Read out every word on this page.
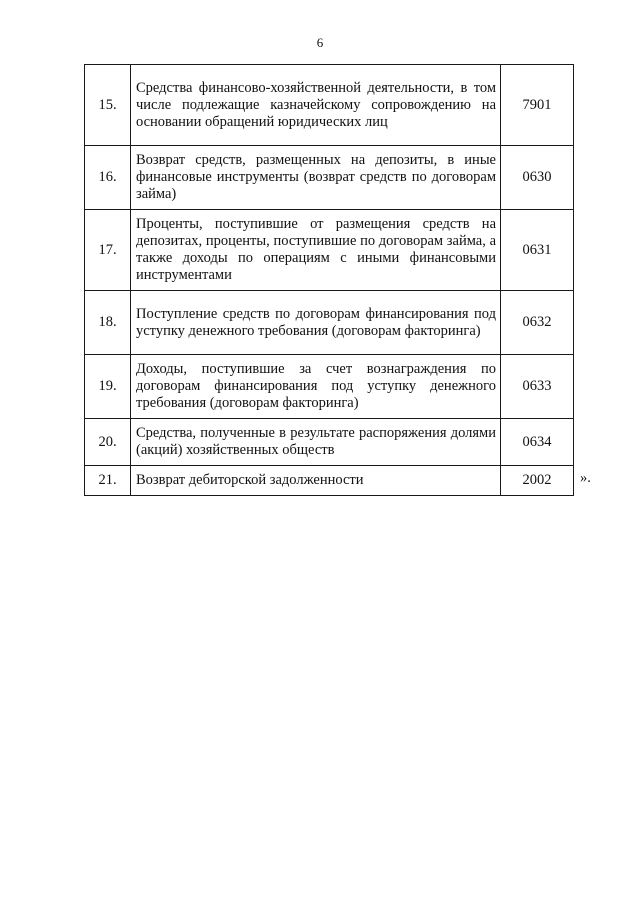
6
15.	Средства финансово-хозяйственной деятельности, в том числе подлежащие казначейскому сопровождению на основании обращений юридических лиц	7901
16.	Возврат средств, размещенных на депозиты, в иные финансовые инструменты (возврат средств по договорам займа)	0630
17.	Проценты, поступившие от размещения средств на депозитах, проценты, поступившие по договорам займа, а также доходы по операциям с иными финансовыми инструментами	0631
18.	Поступление средств по договорам финансирования под уступку денежного требования (договорам факторинга)	0632
19.	Доходы, поступившие за счет вознаграждения по договорам финансирования под уступку денежного требования (договорам факторинга)	0633
20.	Средства, полученные в результате распоряжения долями (акций) хозяйственных обществ	0634
21.	Возврат дебиторской задолженности	2002 ».
